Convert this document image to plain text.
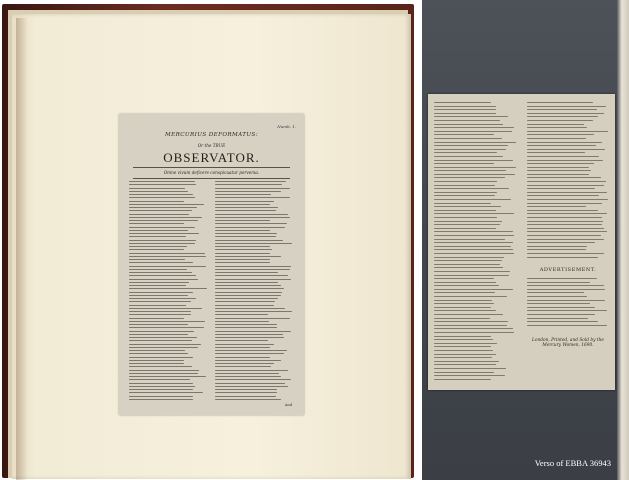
Numb. 1.
MERCURIUS DEFORMATUS:
Or the TRUE
OBSERVATOR.
Omne vivum deficere conspicuatur perversa.
And
ADVERTISEMENT.
London, Printed, and Sold by the Mercury Women, 1690.
Verso of EBBA 36943
